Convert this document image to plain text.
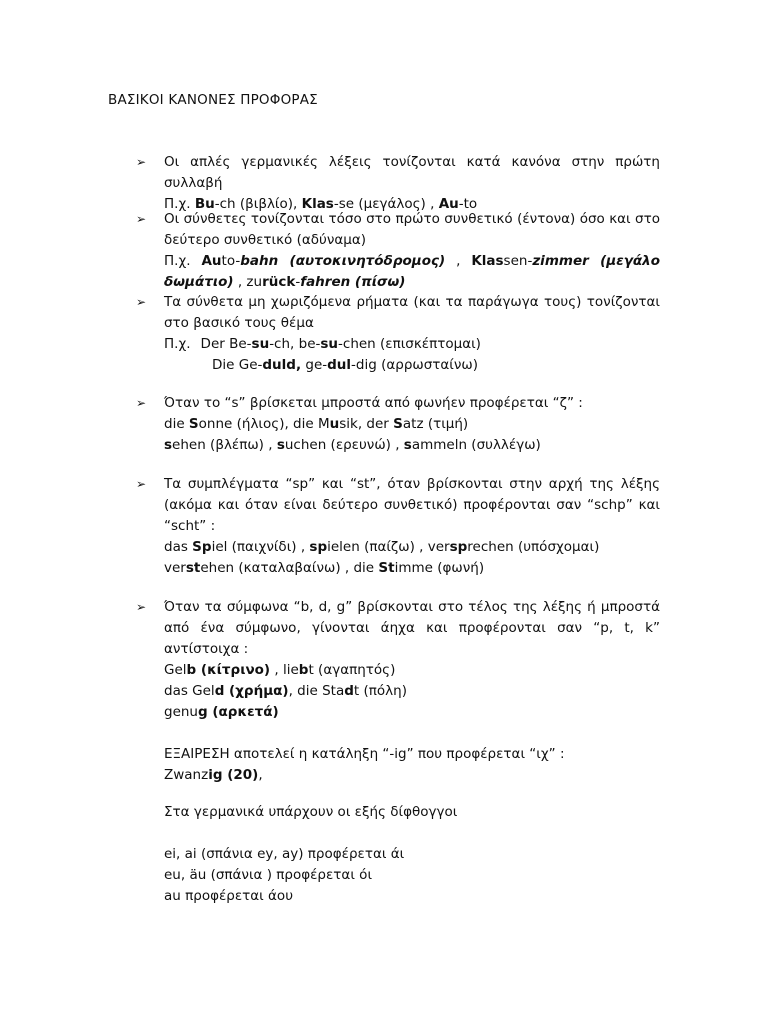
ΒΑΣΙΚΟΙ ΚΑΝΟΝΕΣ ΠΡΟΦΟΡΑΣ
➢ Οι απλές γερμανικές λέξεις τονίζονται κατά κανόνα στην πρώτη συλλαβή
Π.χ. Bu-ch (βιβλίο), Klas-se (μεγάλος) , Au-to
➢ Οι σύνθετες τονίζονται τόσο στο πρώτο συνθετικό (έντονα) όσο και στο δεύτερο συνθετικό (αδύναμα)
Π.χ. Auto-bahn (αυτοκινητόδρομος) , Klassen-zimmer (μεγάλο δωμάτιο) , zurück-fahren (πίσω)
➢ Τα σύνθετα μη χωριζόμενα ρήματα (και τα παράγωγα τους) τονίζονται στο βασικό τους θέμα
Π.χ. Der Be-su-ch, be-su-chen (επισκέπτομαι)
Die Ge-duld, ge-dul-dig (αρρωσταίνω)
➢ Όταν το “s” βρίσκεται μπροστά από φωνήεν προφέρεται “ζ” :
die Sonne (ήλιος), die Musik, der Satz (τιμή)
sehen (βλέπω) , suchen (ερευνώ) , sammeln (συλλέγω)
➢ Τα συμπλέγματα “sp” και “st”, όταν βρίσκονται στην αρχή της λέξης (ακόμα και όταν είναι δεύτερο συνθετικό) προφέρονται σαν “schp” και “scht” :
das Spiel (παιχνίδι) , spielen (παίζω) , versprechen (υπόσχομαι)
verstehen (καταλαβαίνω) , die Stimme (φωνή)
➢ Όταν τα σύμφωνα “b, d, g” βρίσκονται στο τέλος της λέξης ή μπροστά από ένα σύμφωνο, γίνονται άηχα και προφέρονται σαν “p, t, k” αντίστοιχα :
Gelb (κίτρινο) , liebt (αγαπητός)
das Geld (χρήμα), die Stadt (πόλη)
genug (αρκετά)
ΕΞΑΙΡΕΣΗ αποτελεί η κατάληξη “-ig” που προφέρεται “ιχ” :
Zwanzig (20),
Στα γερμανικά υπάρχουν οι εξής δίφθογγοι
ei, ai (σπάνια ey, ay) προφέρεται άι
eu, äu (σπάνια ) προφέρεται όι
au προφέρεται άου
